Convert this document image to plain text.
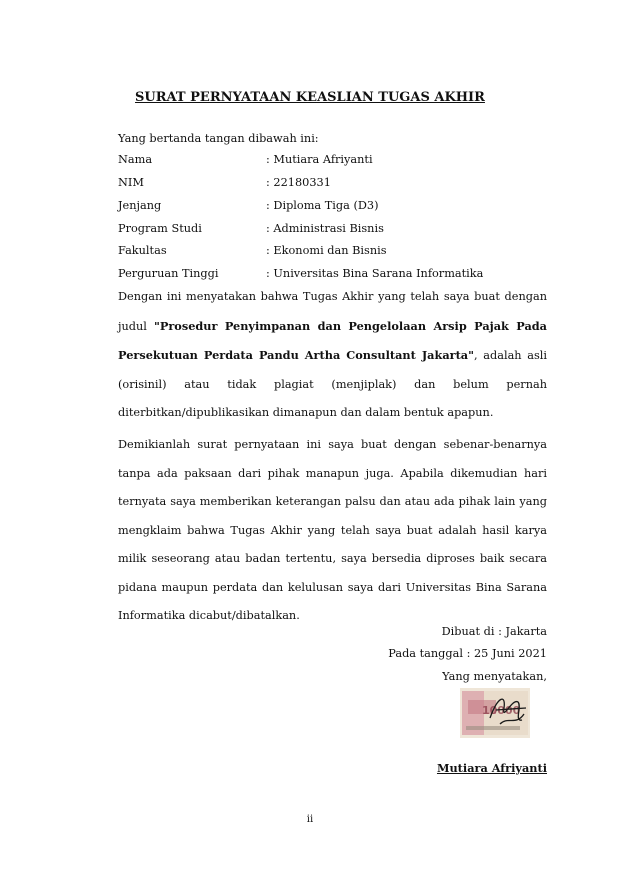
SURAT PERNYATAAN KEASLIAN TUGAS AKHIR
Yang bertanda tangan dibawah ini:
Nama	: Mutiara Afriyanti
NIM	: 22180331
Jenjang	: Diploma Tiga (D3)
Program Studi	: Administrasi Bisnis
Fakultas	: Ekonomi dan Bisnis
Perguruan Tinggi	: Universitas Bina Sarana Informatika
Dengan ini menyatakan bahwa Tugas Akhir yang telah saya buat dengan judul "Prosedur Penyimpanan dan Pengelolaan Arsip Pajak Pada Persekutuan Perdata Pandu Artha Consultant Jakarta", adalah asli (orisinil) atau tidak plagiat (menjiplak) dan belum pernah diterbitkan/dipublikasikan dimanapun dan dalam bentuk apapun.
Demikianlah surat pernyataan ini saya buat dengan sebenar-benarnya tanpa ada paksaan dari pihak manapun juga. Apabila dikemudian hari ternyata saya memberikan keterangan palsu dan atau ada pihak lain yang mengklaim bahwa Tugas Akhir yang telah saya buat adalah hasil karya milik seseorang atau badan tertentu, saya bersedia diproses baik secara pidana maupun perdata dan kelulusan saya dari Universitas Bina Sarana Informatika dicabut/dibatalkan.
Dibuat di : Jakarta
Pada tanggal : 25 Juni 2021
Yang menyatakan,
10000
Mutiara Afriyanti
ii
